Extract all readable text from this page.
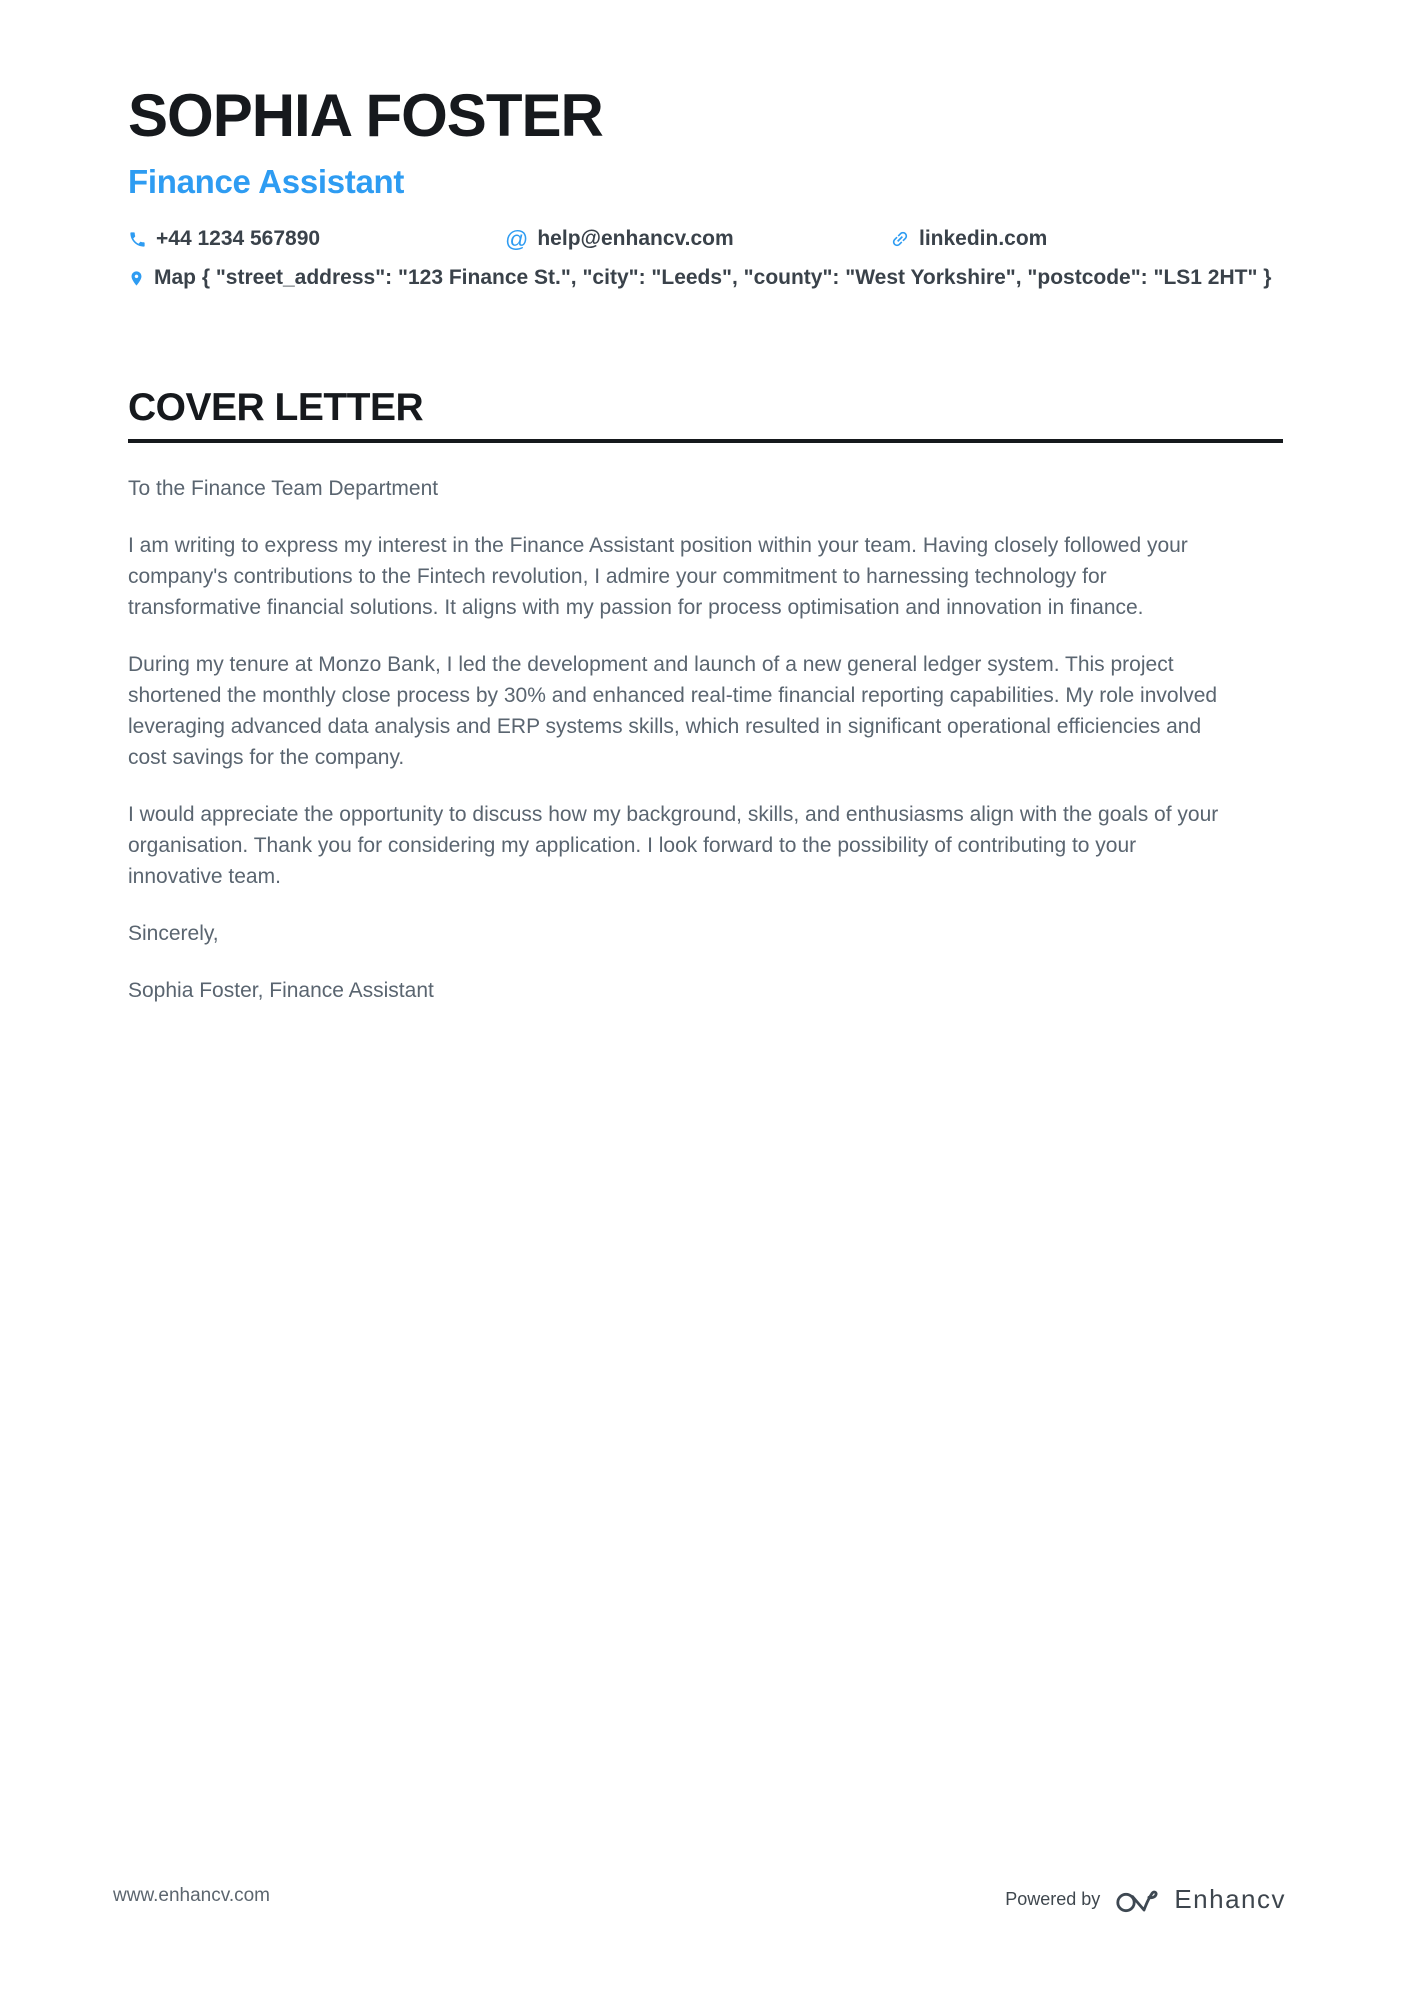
SOPHIA FOSTER
Finance Assistant
+44 1234 567890	@ help@enhancv.com	linkedin.com
Map { "street_address": "123 Finance St.", "city": "Leeds", "county": "West Yorkshire", "postcode": "LS1 2HT" }
COVER LETTER
To the Finance Team Department
I am writing to express my interest in the Finance Assistant position within your team. Having closely followed your
company's contributions to the Fintech revolution, I admire your commitment to harnessing technology for
transformative financial solutions. It aligns with my passion for process optimisation and innovation in finance.
During my tenure at Monzo Bank, I led the development and launch of a new general ledger system. This project
shortened the monthly close process by 30% and enhanced real-time financial reporting capabilities. My role involved
leveraging advanced data analysis and ERP systems skills, which resulted in significant operational efficiencies and
cost savings for the company.
I would appreciate the opportunity to discuss how my background, skills, and enthusiasms align with the goals of your
organisation. Thank you for considering my application. I look forward to the possibility of contributing to your
innovative team.
Sincerely,
Sophia Foster, Finance Assistant
www.enhancv.com	Powered by	Enhancv
